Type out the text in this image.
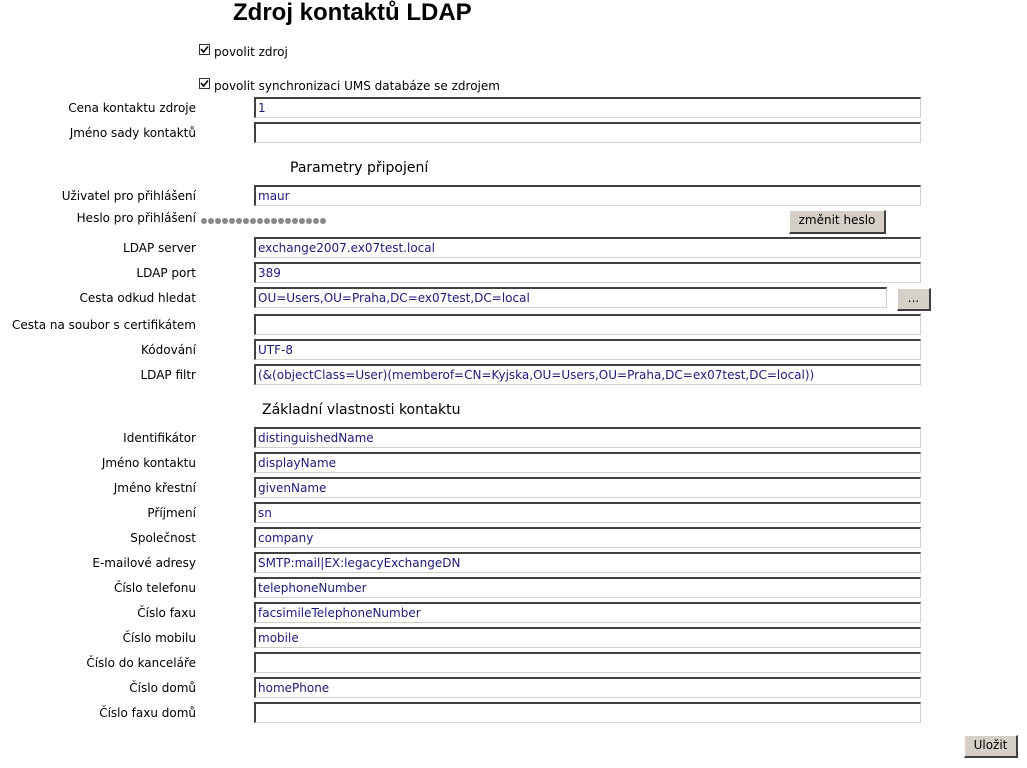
Zdroj kontaktů LDAP
povolit zdroj
povolit synchronizaci UMS databáze se zdrojem
Cena kontaktu zdroje	1
Jméno sady kontaktů
Parametry připojení
Uživatel pro přihlášení	maur
Heslo pro přihlášení	změnit heslo
LDAP server	exchange2007.ex07test.local
LDAP port	389
Cesta odkud hledat	OU=Users,OU=Praha,DC=ex07test,DC=local	...
Cesta na soubor s certifikátem
Kódování	UTF-8
LDAP filtr	(&(objectClass=User)(memberof=CN=Kyjska,OU=Users,OU=Praha,DC=ex07test,DC=local))
Základní vlastnosti kontaktu
Identifikátor	distinguishedName
Jméno kontaktu	displayName
Jméno křestní	givenName
Příjmení	sn
Společnost	company
E-mailové adresy	SMTP:mail|EX:legacyExchangeDN
Číslo telefonu	telephoneNumber
Číslo faxu	facsimileTelephoneNumber
Číslo mobilu	mobile
Číslo do kanceláře
Číslo domů	homePhone
Číslo faxu domů
Uložit
